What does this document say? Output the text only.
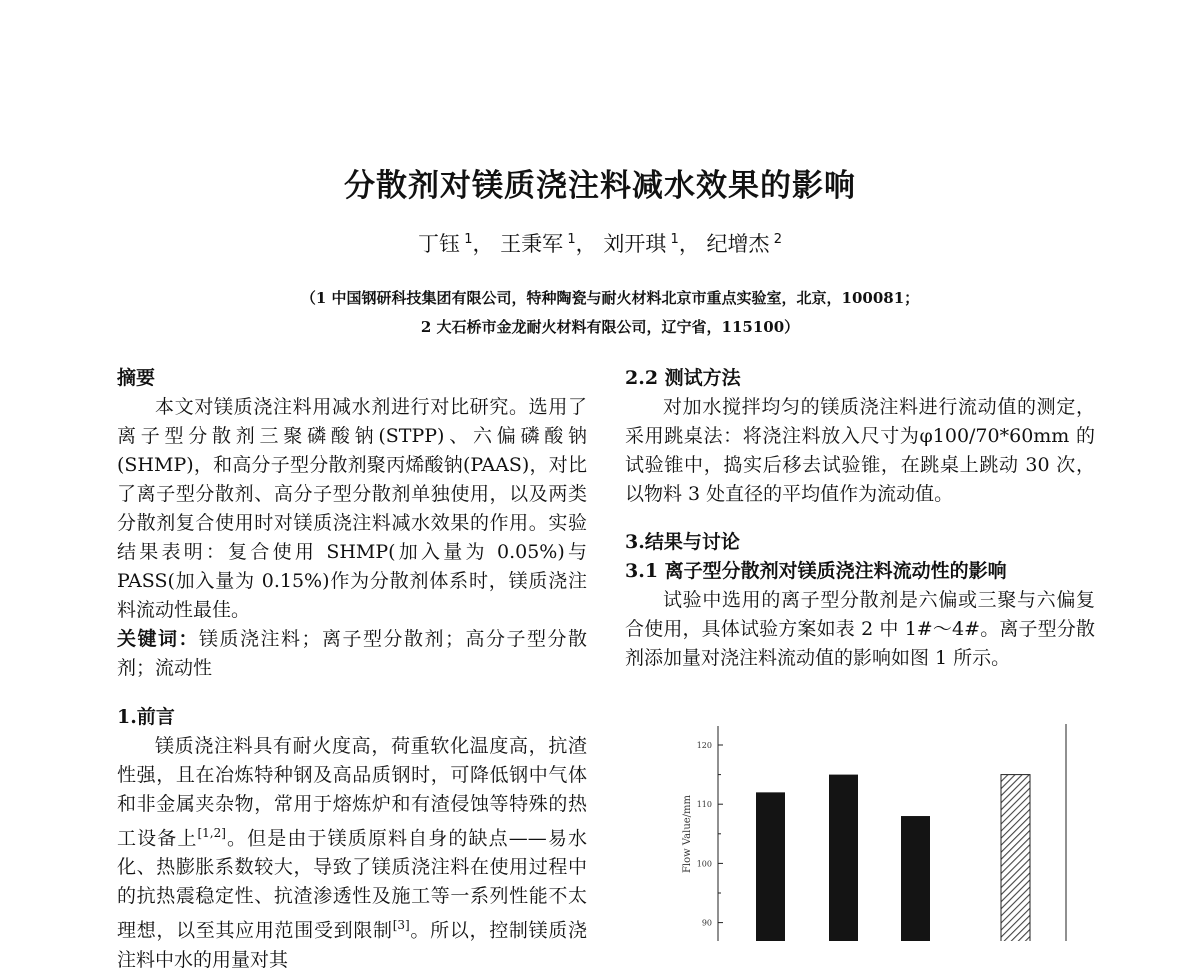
分散剂对镁质浇注料减水效果的影响
丁钰  $^1$， 王秉军  $^1$， 刘开琪  $^1$， 纪增杰  $^2$
（1 中国钢研科技集团有限公司，特种陶瓷与耐火材料北京市重点实验室，北京，100081；
2 大石桥市金龙耐火材料有限公司，辽宁省，115100）
摘要

本文对镁质浇注料用减水剂进行对比研究。选用了离子型分散剂三聚磷酸钠(STPP)、六偏磷酸钠(SHMP)，和高分子型分散剂聚丙烯酸钠(PAAS)，对比了离子型分散剂、高分子型分散剂单独使用，以及两类分散剂复合使用时对镁质浇注料减水效果的作用。实验结果表明：复合使用 SHMP(加入量为 0.05%)与 PASS(加入量为 0.15%)作为分散剂体系时，镁质浇注料流动性最佳。

关键词：镁质浇注料；离子型分散剂；高分子型分散剂；流动性

1.前言

镁质浇注料具有耐火度高，荷重软化温度高，抗渣性强，且在冶炼特种钢及高品质钢时，可降低钢中气体和非金属夹杂物，常用于熔炼炉和有渣侵蚀等特殊的热工设备上[1,2]。但是由于镁质原料自身的缺点——易水化、热膨胀系数较大，导致了镁质浇注料在使用过程中的抗热震稳定性、抗渣渗透性及施工等一系列性能不太理想，以至其应用范围受到限制[3]。所以，控制镁质浇注料中水的用量对其

2.2 测试方法

对加水搅拌均匀的镁质浇注料进行流动值的测定，采用跳桌法：将浇注料放入尺寸为φ100/70*60mm 的试验锥中，捣实后移去试验锥，在跳桌上跳动 30 次，以物料 3 处直径的平均值作为流动值。

3.结果与讨论
3.1 离子型分散剂对镁质浇注料流动性的影响

试验中选用的离子型分散剂是六偏或三聚与六偏复合使用，具体试验方案如表 2 中 1#～4#。离子型分散剂添加量对浇注料流动值的影响如图 1 所示。

90
100
110
120
Flow Value/mm
